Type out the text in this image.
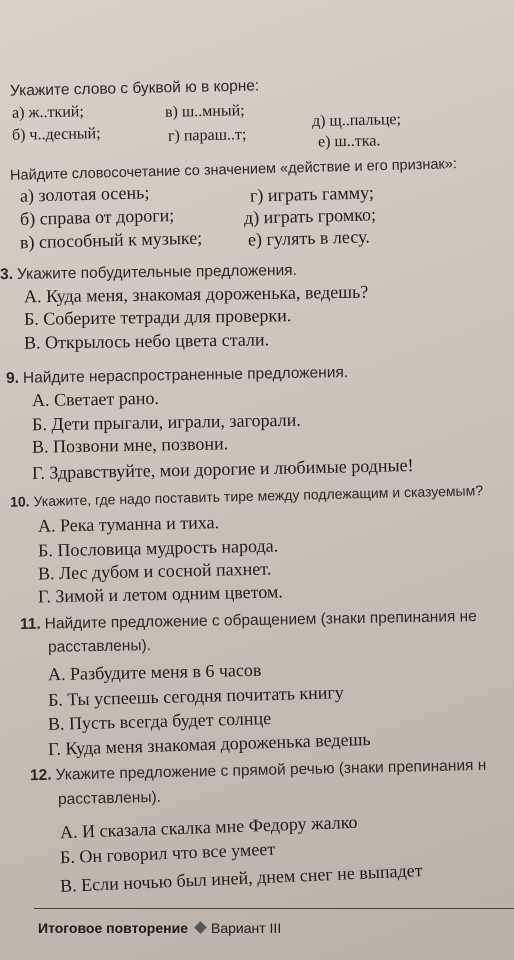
Укажите слово с буквой ю в корне:
а) ж..ткий;	в) ш..мный;	д) щ..пальце;
б) ч..десный;	г) параш..т;	е) ш..тка.
Найдите словосочетание со значением «действие и его признак»:
а) золотая осень;	г) играть гамму;
б) справа от дороги;	д) играть громко;
в) способный к музыке;	е) гулять в лесу.
3. Укажите побудительные предложения.
А. Куда меня, знакомая дороженька, ведешь?
Б. Соберите тетради для проверки.
В. Открылось небо цвета стали.
9. Найдите нераспространенные предложения.
А. Светает рано.
Б. Дети прыгали, играли, загорали.
В. Позвони мне, позвони.
Г. Здравствуйте, мои дорогие и любимые родные!
10. Укажите, где надо поставить тире между подлежащим и сказуемым?
А. Река туманна и тиха.
Б. Пословица мудрость народа.
В. Лес дубом и сосной пахнет.
Г. Зимой и летом одним цветом.
11. Найдите предложение с обращением (знаки препинания не
расставлены).
А. Разбудите меня в 6 часов
Б. Ты успеешь сегодня почитать книгу
В. Пусть всегда будет солнце
Г. Куда меня знакомая дороженька ведешь
12. Укажите предложение с прямой речью (знаки препинания н
расставлены).
А. И сказала скалка мне Федору жалко
Б. Он говорил что все умеет
В. Если ночью был иней, днем снег не выпадет
Итоговое повторение Вариант III
